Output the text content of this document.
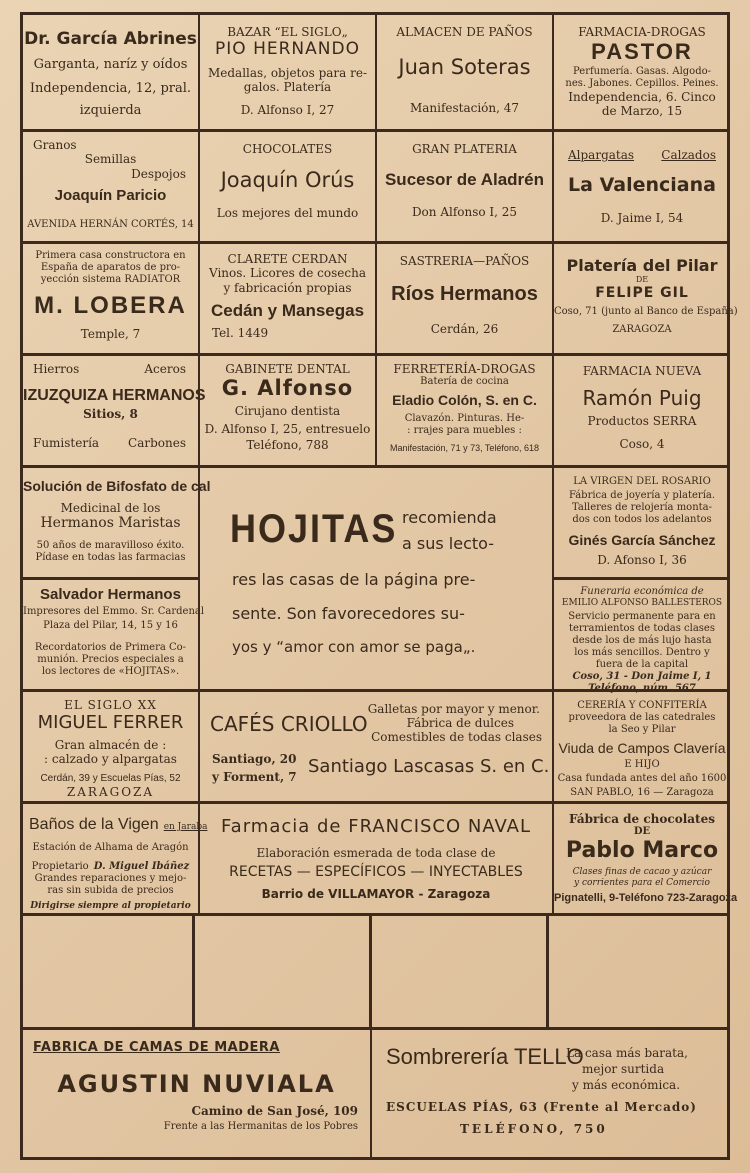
Dr. García Abrines
Garganta, naríz y oídos
Independencia, 12, pral.
izquierda
BAZAR “EL SIGLO„
PIO HERNANDO
Medallas, objetos para re-
galos. Platería
D. Alfonso I, 27
ALMACEN DE PAÑOS
Juan Soteras
Manifestación, 47
FARMACIA-DROGAS
PASTOR
Perfumería. Gasas. Algodo-
nes. Jabones. Cepillos. Peines.
Independencia, 6. Cinco
de Marzo, 15
Granos
Semillas
Despojos
Joaquín Paricio
AVENIDA HERNÁN CORTÉS, 14
CHOCOLATES
Joaquín Orús
Los mejores del mundo
GRAN PLATERIA
Sucesor de Aladrén
Don Alfonso I, 25
Alpargatas Calzados
La Valenciana
D. Jaime I, 54
Primera casa constructora en
España de aparatos de pro-
yección sistema RADIATOR
M. LOBERA
Temple, 7
CLARETE CERDAN
Vinos. Licores de cosecha
y fabricación propias
Cedán y Mansegas
Tel. 1449
SASTRERIA—PAÑOS
Ríos Hermanos
Cerdán, 26
Platería del Pilar
DE
FELIPE GIL
Coso, 71 (junto al Banco de España)
ZARAGOZA
Hierros	Aceros
IZUZQUIZA HERMANOS
Sitios, 8
Fumistería Carbones
GABINETE DENTAL
G. Alfonso
Cirujano dentista
D. Alfonso I, 25, entresuelo
Teléfono, 788
FERRETERÍA-DROGAS
Batería de cocina
Eladio Colón, S. en C.
Clavazón. Pinturas. He-
: rrajes para muebles :
Manifestación, 71 y 73, Teléfono, 618
FARMACIA NUEVA
Ramón Puig
Productos SERRA
Coso, 4
Solución de Bifosfato de cal
Medicinal de los
Hermanos Maristas
50 años de maravilloso éxito.
Pídase en todas las farmacias
LA VIRGEN DEL ROSARIO
Fábrica de joyería y platería.
Talleres de relojería monta-
dos con todos los adelantos
Ginés García Sánchez
D. Afonso I, 36
Salvador Hermanos
Impresores del Emmo. Sr. Cardenal
Plaza del Pilar, 14, 15 y 16
Recordatorios de Primera Co-
munión. Precios especiales a
los lectores de «HOJITAS».
Funeraria económica de
EMILIO ALFONSO BALLESTEROS
Servicio permanente para en
terramientos de todas clases
desde los de más lujo hasta
los más sencillos. Dentro y
fuera de la capital
Coso, 31 - Don Jaime I, 1
Teléfono, núm. 567
HOJITAS recomienda
a sus lecto-
res las casas de la página pre-
sente. Son favorecedores su-
yos y “amor con amor se paga„.
EL SIGLO XX
MIGUEL FERRER
Gran almacén de :
: calzado y alpargatas
Cerdán, 39 y Escuelas Pías, 52
ZARAGOZA
CAFÉS CRIOLLO
Galletas por mayor y menor.
Fábrica de dulces
Comestibles de todas clases
Santiago, 20
y Forment, 7 Santiago Lascasas S. en C.
CERERÍA Y CONFITERÍA
proveedora de las catedrales
la Seo y Pilar
Viuda de Campos Clavería
E HIJO
Casa fundada antes del año 1600
SAN PABLO, 16 — Zaragoza
Baños de la Vigen en Jaraba
Estación de Alhama de Aragón
Propietario D. Miguel Ibáñez
Grandes reparaciones y mejo-
ras sin subida de precios
Dirigirse siempre al propietario
Farmacia de FRANCISCO NAVAL
Elaboración esmerada de toda clase de
RECETAS — ESPECÍFICOS — INYECTABLES
Barrio de VILLAMAYOR - Zaragoza
Fábrica de chocolates
DE
Pablo Marco
Clases finas de cacao y azúcar
y corrientes para el Comercio
Pignatelli, 9-Teléfono 723-Zaragoza
FABRICA DE CAMAS DE MADERA
AGUSTIN NUVIALA
Camino de San José, 109
Frente a las Hermanitas de los Pobres
Sombrerería TELLO
La casa más barata,
mejor surtida
y más económica.
ESCUELAS PÍAS, 63 (Frente al Mercado)
TELÉFONO, 750
